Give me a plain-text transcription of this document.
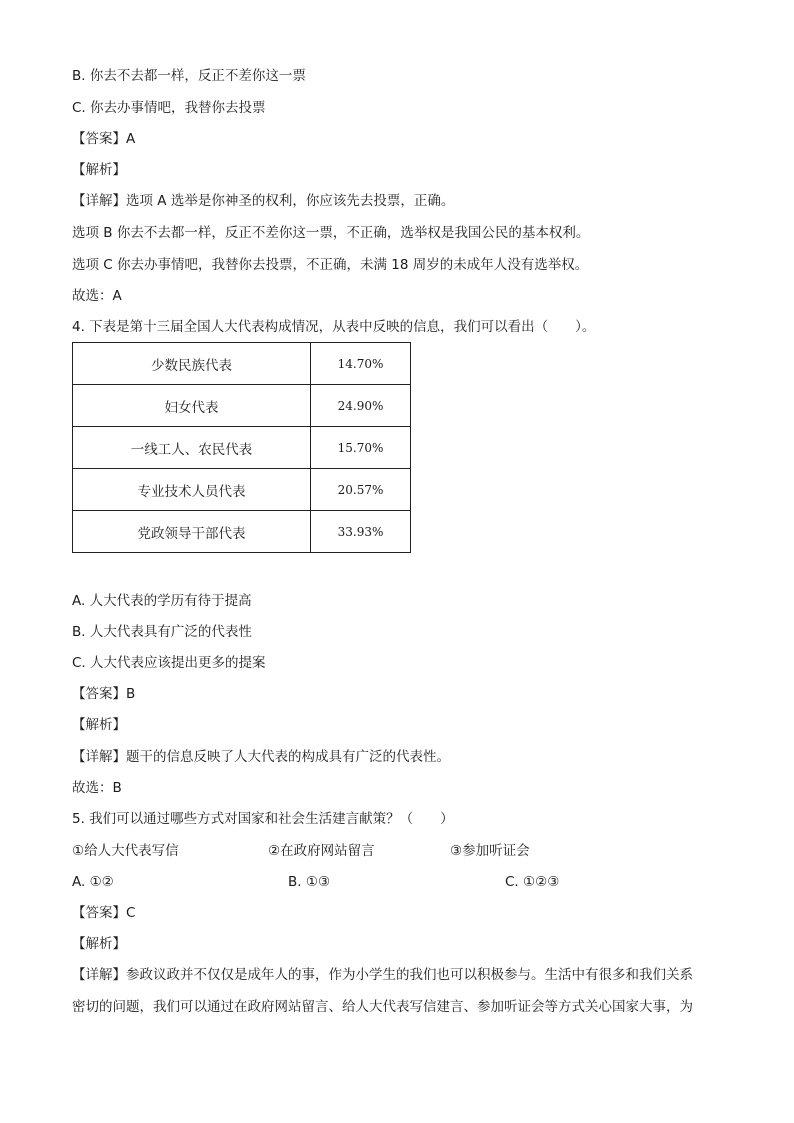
B. 你去不去都一样，反正不差你这一票
C. 你去办事情吧，我替你去投票
【答案】A
【解析】
【详解】选项 A 选举是你神圣的权利，你应该先去投票，正确。
选项 B 你去不去都一样，反正不差你这一票，不正确，选举权是我国公民的基本权利。
选项 C 你去办事情吧，我替你去投票，不正确，未满 18 周岁的未成年人没有选举权。
故选：A
4. 下表是第十三届全国人大代表构成情况，从表中反映的信息，我们可以看出（　　）。
少数民族代表	14.70%
妇女代表	24.90%
一线工人、农民代表	15.70%
专业技术人员代表	20.57%
党政领导干部代表	33.93%
A. 人大代表的学历有待于提高
B. 人大代表具有广泛的代表性
C. 人大代表应该提出更多的提案
【答案】B
【解析】
【详解】题干的信息反映了人大代表的构成具有广泛的代表性。
故选：B
5. 我们可以通过哪些方式对国家和社会生活建言献策？（　　）
①给人大代表写信	②在政府网站留言	③参加听证会
A. ①②	B. ①③	C. ①②③
【答案】C
【解析】
【详解】参政议政并不仅仅是成年人的事，作为小学生的我们也可以积极参与。生活中有很多和我们关系
密切的问题，我们可以通过在政府网站留言、给人大代表写信建言、参加听证会等方式关心国家大事，为
